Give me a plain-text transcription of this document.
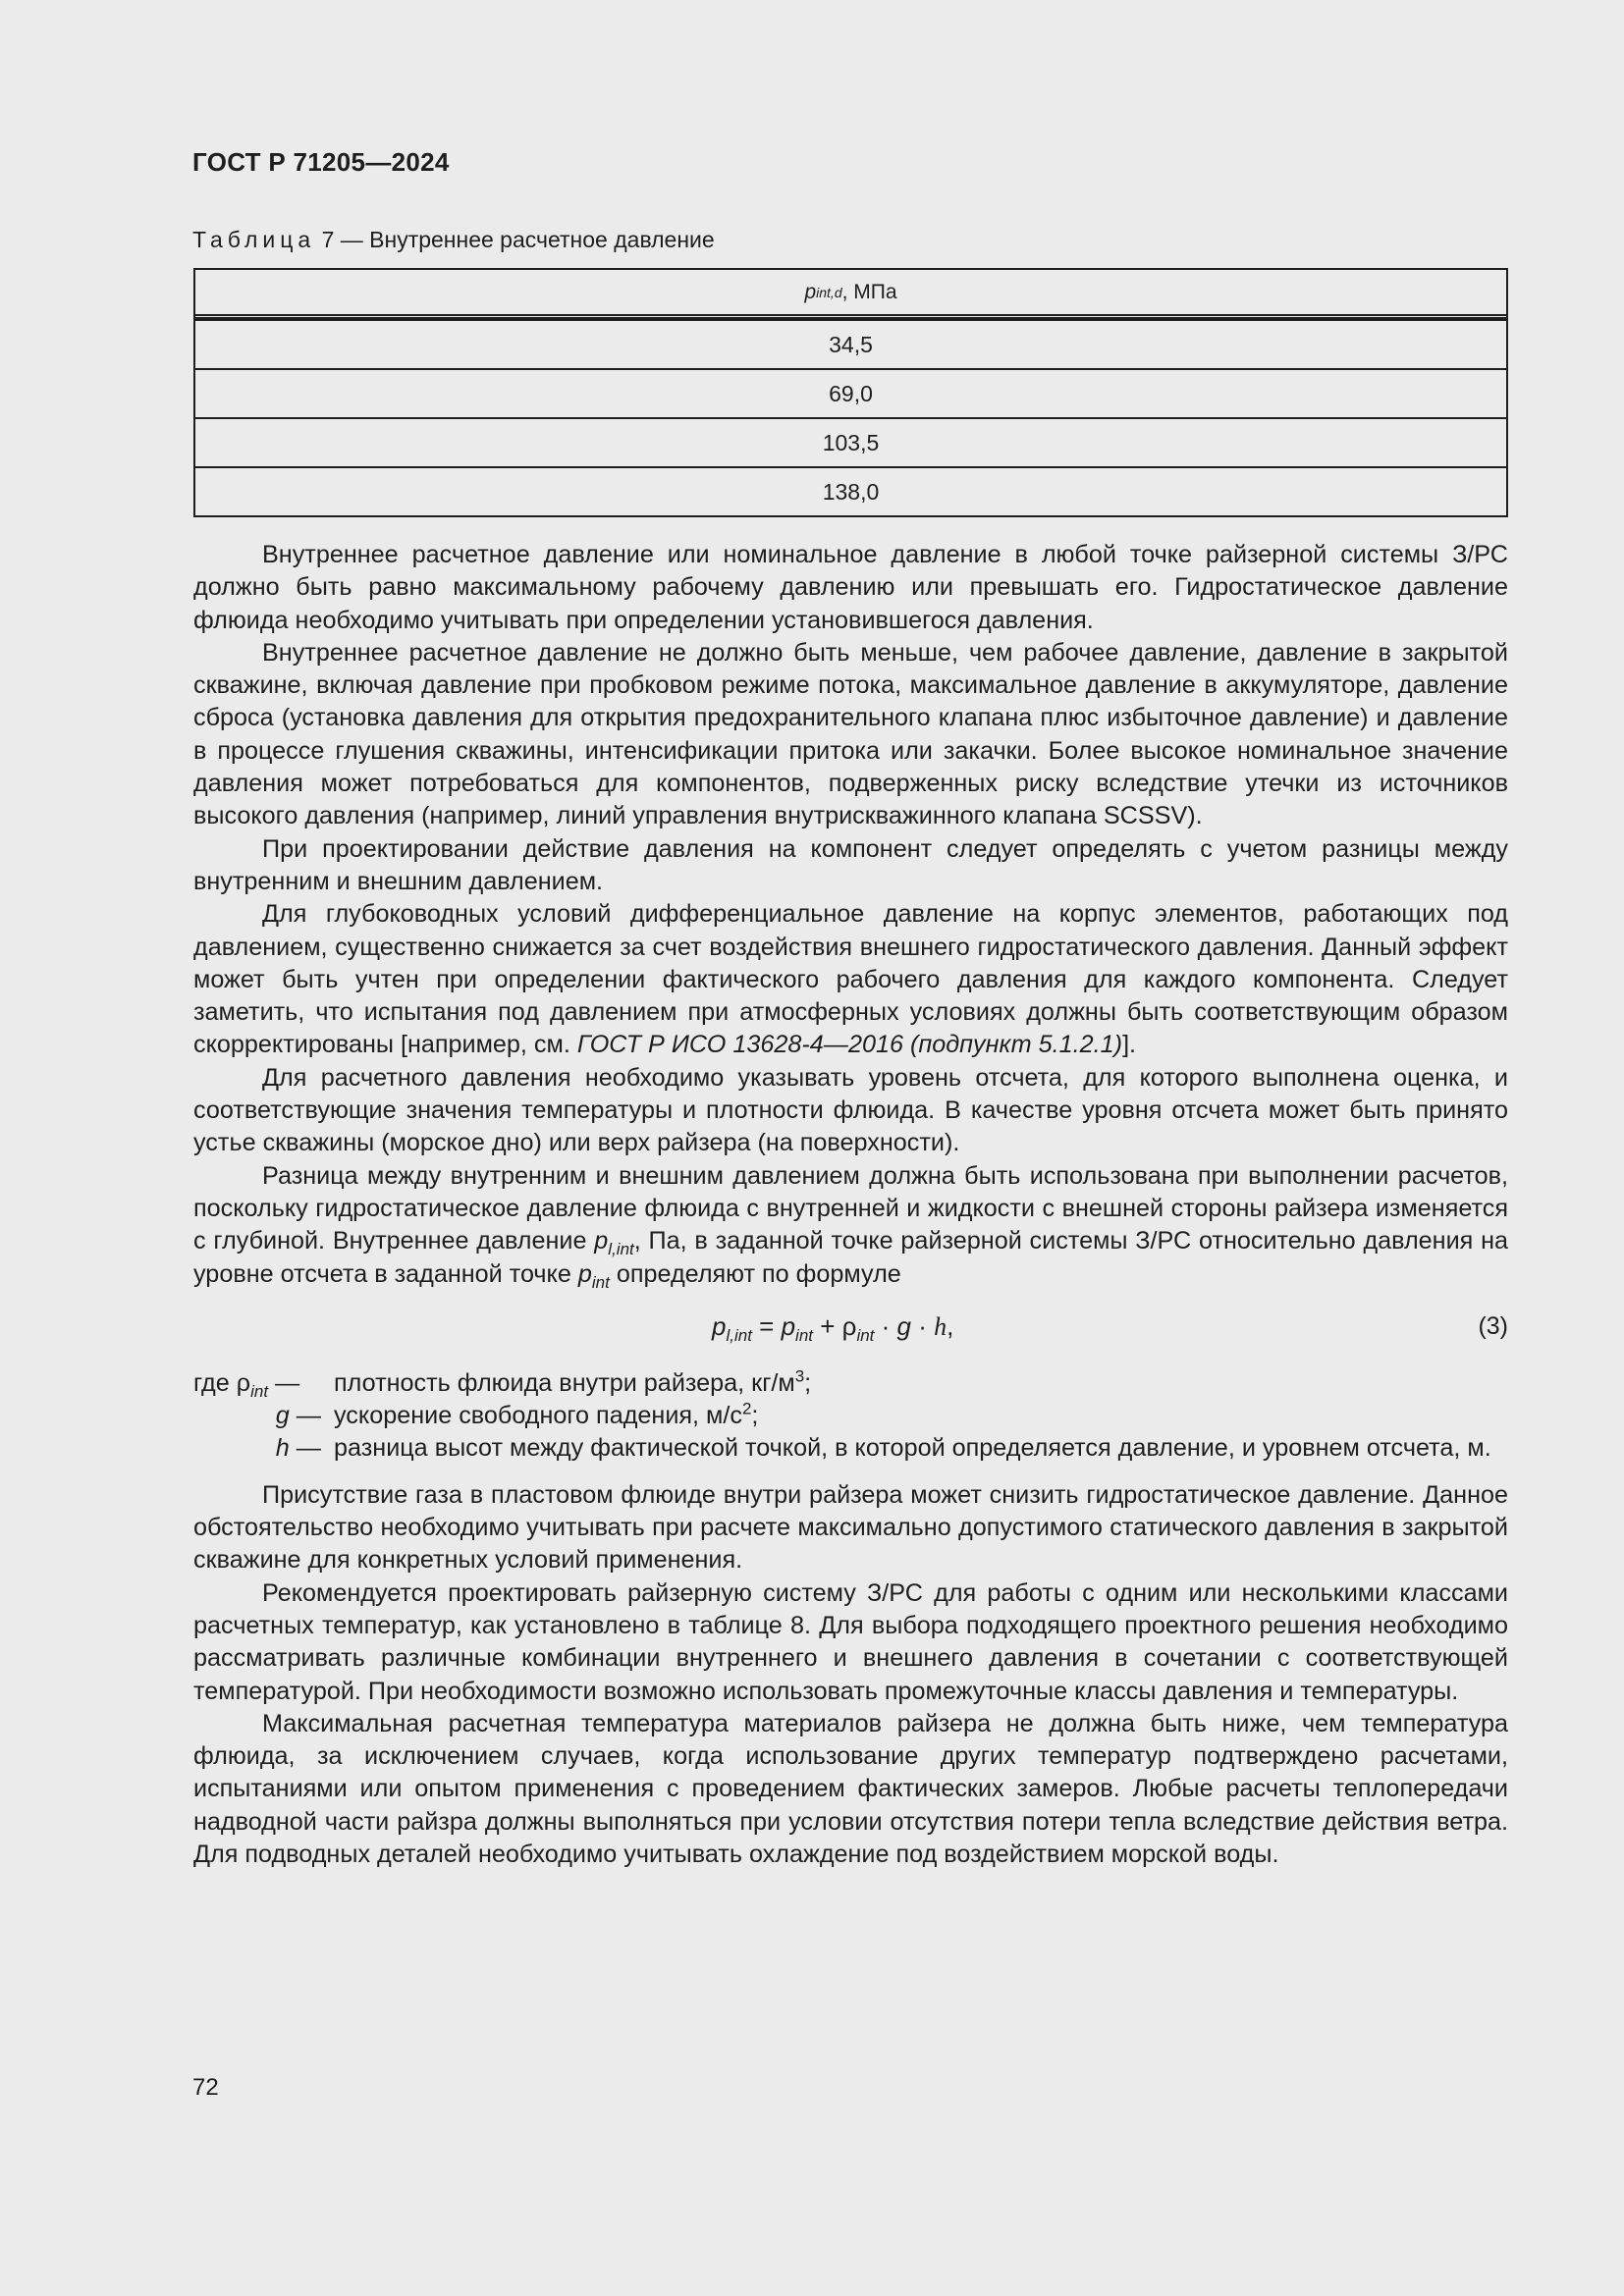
ГОСТ Р 71205—2024
Таблица 7 — Внутреннее расчетное давление
p int,d , МПа
34,5
69,0
103,5
138,0

Внутреннее расчетное давление или номинальное давление в любой точке райзерной системы З/РС должно быть равно максимальному рабочему давлению или превышать его. Гидростатическое давление флюида необходимо учитывать при определении установившегося давления.

Внутреннее расчетное давление не должно быть меньше, чем рабочее давление, давление в закрытой скважине, включая давление при пробковом режиме потока, максимальное давление в аккумуляторе, давление сброса (установка давления для открытия предохранительного клапана плюс избыточное давление) и давление в процессе глушения скважины, интенсификации притока или закачки. Более высокое номинальное значение давления может потребоваться для компонентов, подверженных риску вследствие утечки из источников высокого давления (например, линий управления внутрискважинного клапана SCSSV).

При проектировании действие давления на компонент следует определять с учетом разницы между внутренним и внешним давлением.

Для глубоководных условий дифференциальное давление на корпус элементов, работающих под давлением, существенно снижается за счет воздействия внешнего гидростатического давления. Данный эффект может быть учтен при определении фактического рабочего давления для каждого компонента. Следует заметить, что испытания под давлением при атмосферных условиях должны быть соответствующим образом скорректированы [например, см. ГОСТ Р ИСО 13628-4—2016 (подпункт 5.1.2.1)].

Для расчетного давления необходимо указывать уровень отсчета, для которого выполнена оценка, и соответствующие значения температуры и плотности флюида. В качестве уровня отсчета может быть принято устье скважины (морское дно) или верх райзера (на поверхности).

Разница между внутренним и внешним давлением должна быть использована при выполнении расчетов, поскольку гидростатическое давление флюида с внутренней и жидкости с внешней стороны райзера изменяется с глубиной. Внутреннее давление $p_{l,int}$, Па, в заданной точке райзерной системы З/РС относительно давления на уровне отсчета в заданной точке $p_{int}$ определяют по формуле

$p_{l,int} = p_{int} + \rho_{int} \cdot g \cdot h$,	(3)
где $\rho_{int}$ —	плотность флюида внутри райзера, $кг/м^3$;
g — ускорение свободного падения, $м/с^2$;
h — разница высот между фактической точкой, в которой определяется давление, и уровнем отсчета, м.

Присутствие газа в пластовом флюиде внутри райзера может снизить гидростатическое давление. Данное обстоятельство необходимо учитывать при расчете максимально допустимого статического давления в закрытой скважине для конкретных условий применения.

Рекомендуется проектировать райзерную систему З/РС для работы с одним или несколькими классами расчетных температур, как установлено в таблице 8. Для выбора подходящего проектного решения необходимо рассматривать различные комбинации внутреннего и внешнего давления в сочетании с соответствующей температурой. При необходимости возможно использовать промежуточные классы давления и температуры.

Максимальная расчетная температура материалов райзера не должна быть ниже, чем температура флюида, за исключением случаев, когда использование других температур подтверждено расчетами, испытаниями или опытом применения с проведением фактических замеров. Любые расчеты теплопередачи надводной части райзра должны выполняться при условии отсутствия потери тепла вследствие действия ветра. Для подводных деталей необходимо учитывать охлаждение под воздействием морской воды.

72
